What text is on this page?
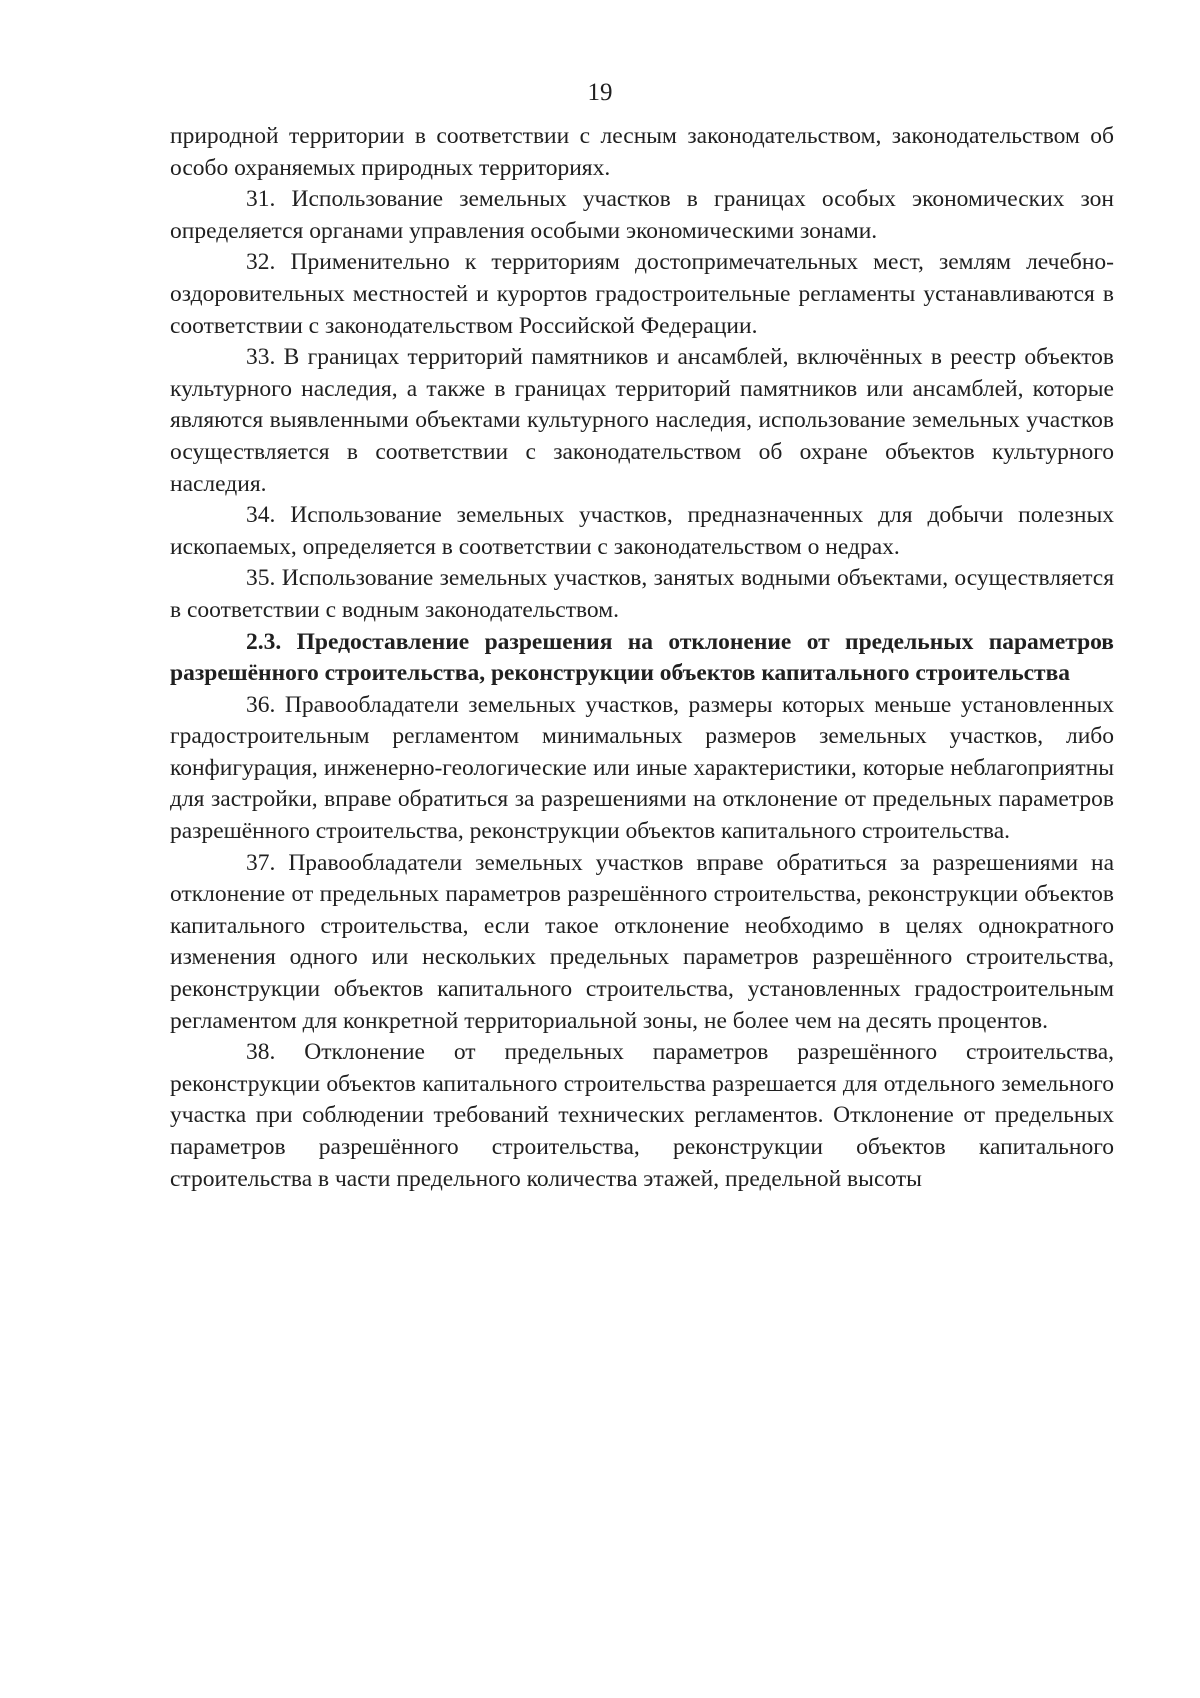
19

природной территории в соответствии с лесным законодательством, законодательством об особо охраняемых природных территориях.

31. Использование земельных участков в границах особых экономических зон определяется органами управления особыми экономическими зонами.

32. Применительно к территориям достопримечательных мест, землям лечебно-оздоровительных местностей и курортов градостроительные регламенты устанавливаются в соответствии с законодательством Российской Федерации.

33. В границах территорий памятников и ансамблей, включённых в реестр объектов культурного наследия, а также в границах территорий памятников или ансамблей, которые являются выявленными объектами культурного наследия, использование земельных участков осуществляется в соответствии с законодательством об охране объектов культурного наследия.

34. Использование земельных участков, предназначенных для добычи полезных ископаемых, определяется в соответствии с законодательством о недрах.

35. Использование земельных участков, занятых водными объектами, осуществляется в соответствии с водным законодательством.

2.3. Предоставление разрешения на отклонение от предельных параметров разрешённого строительства, реконструкции объектов капитального строительства

36. Правообладатели земельных участков, размеры которых меньше установленных градостроительным регламентом минимальных размеров земельных участков, либо конфигурация, инженерно-геологические или иные характеристики, которые неблагоприятны для застройки, вправе обратиться за разрешениями на отклонение от предельных параметров разрешённого строительства, реконструкции объектов капитального строительства.

37. Правообладатели земельных участков вправе обратиться за разрешениями на отклонение от предельных параметров разрешённого строительства, реконструкции объектов капитального строительства, если такое отклонение необходимо в целях однократного изменения одного или нескольких предельных параметров разрешённого строительства, реконструкции объектов капитального строительства, установленных градостроительным регламентом для конкретной территориальной зоны, не более чем на десять процентов.

38. Отклонение от предельных параметров разрешённого строительства, реконструкции объектов капитального строительства разрешается для отдельного земельного участка при соблюдении требований технических регламентов. Отклонение от предельных параметров разрешённого строительства, реконструкции объектов капитального строительства в части предельного количества этажей, предельной высоты
